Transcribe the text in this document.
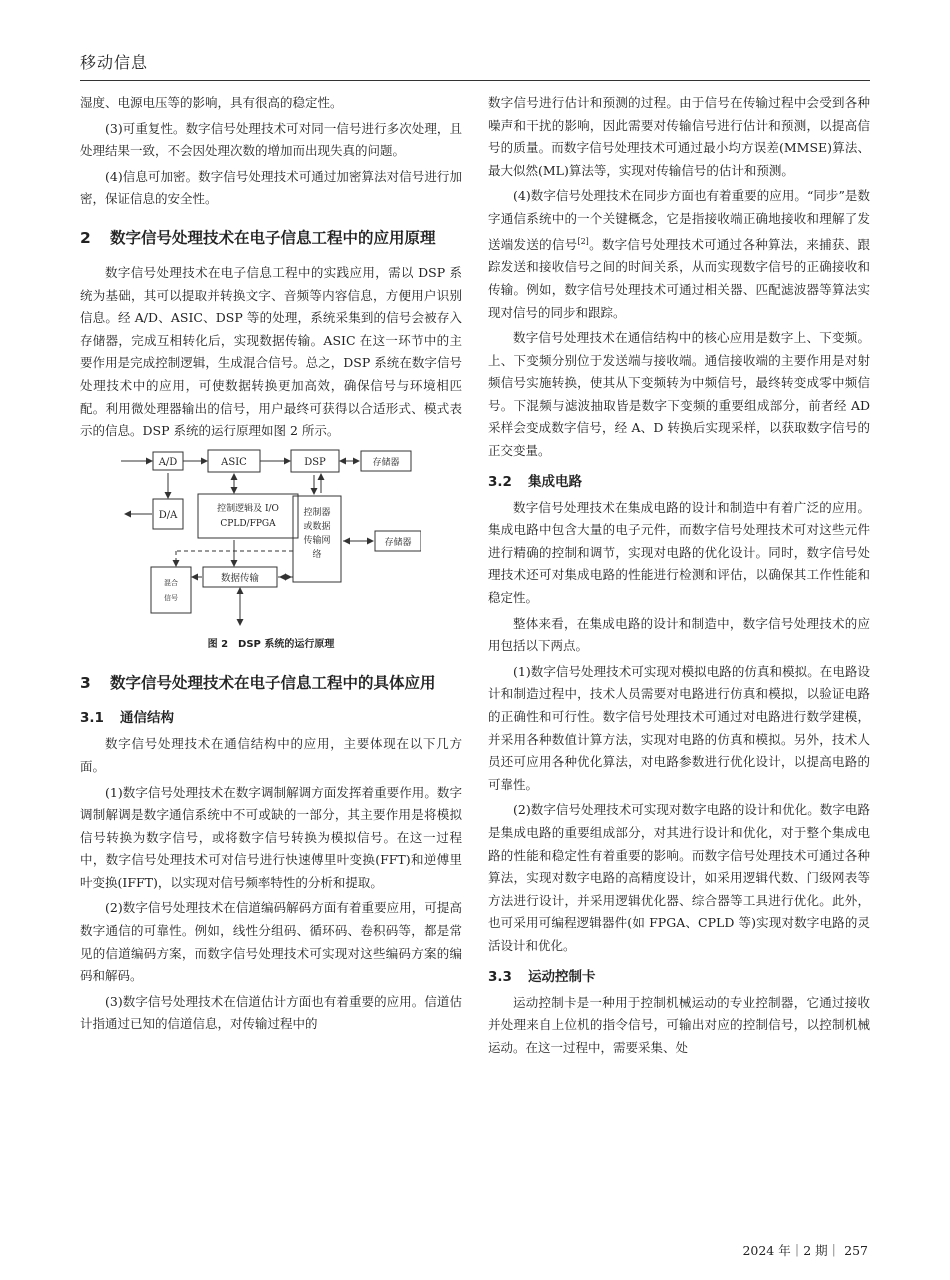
移动信息

湿度、电源电压等的影响，具有很高的稳定性。

(3)可重复性。数字信号处理技术可对同一信号进行多次处理，且处理结果一致，不会因处理次数的增加而出现失真的问题。

(4)信息可加密。数字信号处理技术可通过加密算法对信号进行加密，保证信息的安全性。

2 数字信号处理技术在电子信息工程中的应用原理

数字信号处理技术在电子信息工程中的实践应用，需以 DSP 系统为基础，其可以提取并转换文字、音频等内容信息，方便用户识别信息。经 A/D、ASIC、DSP 等的处理，系统采集到的信号会被存入存储器，完成互相转化后，实现数据传输。ASIC 在这一环节中的主要作用是完成控制逻辑，生成混合信号。总之，DSP 系统在数字信号处理技术中的应用，可使数据转换更加高效，确保信号与环境相匹配。利用微处理器输出的信号，用户最终可获得以合适形式、模式表示的信息。DSP 系统的运行原理如图 2 所示。

A/D	ASIC	DSP	存储器
D/A
控制逻辑及 I/O
CPLD/FPGA
控制器
或数据
传输网
络
存储器
混合
信号
数据传输
图 2　DSP 系统的运行原理
3 数字信号处理技术在电子信息工程中的具体应用
3.1 通信结构

数字信号处理技术在通信结构中的应用，主要体现在以下几方面。

(1)数字信号处理技术在数字调制解调方面发挥着重要作用。数字调制解调是数字通信系统中不可或缺的一部分，其主要作用是将模拟信号转换为数字信号，或将数字信号转换为模拟信号。在这一过程中，数字信号处理技术可对信号进行快速傅里叶变换(FFT)和逆傅里叶变换(IFFT)，以实现对信号频率特性的分析和提取。

(2)数字信号处理技术在信道编码解码方面有着重要应用，可提高数字通信的可靠性。例如，线性分组码、循环码、卷积码等，都是常见的信道编码方案，而数字信号处理技术可实现对这些编码方案的编码和解码。

(3)数字信号处理技术在信道估计方面也有着重要的应用。信道估计指通过已知的信道信息，对传输过程中的

数字信号进行估计和预测的过程。由于信号在传输过程中会受到各种噪声和干扰的影响，因此需要对传输信号进行估计和预测，以提高信号的质量。而数字信号处理技术可通过最小均方误差(MMSE)算法、最大似然(ML)算法等，实现对传输信号的估计和预测。

(4)数字信号处理技术在同步方面也有着重要的应用。“同步”是数字通信系统中的一个关键概念，它是指接收端正确地接收和理解了发送端发送的信号[2]。数字信号处理技术可通过各种算法，来捕获、跟踪发送和接收信号之间的时间关系，从而实现数字信号的正确接收和传输。例如，数字信号处理技术可通过相关器、匹配滤波器等算法实现对信号的同步和跟踪。

数字信号处理技术在通信结构中的核心应用是数字上、下变频。上、下变频分别位于发送端与接收端。通信接收端的主要作用是对射频信号实施转换，使其从下变频转为中频信号，最终转变成零中频信号。下混频与滤波抽取皆是数字下变频的重要组成部分，前者经 AD 采样会变成数字信号，经 A、D 转换后实现采样，以获取数字信号的正交变量。

3.2 集成电路

数字信号处理技术在集成电路的设计和制造中有着广泛的应用。集成电路中包含大量的电子元件，而数字信号处理技术可对这些元件进行精确的控制和调节，实现对电路的优化设计。同时，数字信号处理技术还可对集成电路的性能进行检测和评估，以确保其工作性能和稳定性。

整体来看，在集成电路的设计和制造中，数字信号处理技术的应用包括以下两点。

(1)数字信号处理技术可实现对模拟电路的仿真和模拟。在电路设计和制造过程中，技术人员需要对电路进行仿真和模拟，以验证电路的正确性和可行性。数字信号处理技术可通过对电路进行数学建模，并采用各种数值计算方法，实现对电路的仿真和模拟。另外，技术人员还可应用各种优化算法，对电路参数进行优化设计，以提高电路的可靠性。

(2)数字信号处理技术可实现对数字电路的设计和优化。数字电路是集成电路的重要组成部分，对其进行设计和优化，对于整个集成电路的性能和稳定性有着重要的影响。而数字信号处理技术可通过各种算法，实现对数字电路的高精度设计，如采用逻辑代数、门级网表等方法进行设计，并采用逻辑优化器、综合器等工具进行优化。此外，也可采用可编程逻辑器件(如 FPGA、CPLD 等)实现对数字电路的灵活设计和优化。

3.3 运动控制卡

运动控制卡是一种用于控制机械运动的专业控制器，它通过接收并处理来自上位机的指令信号，可输出对应的控制信号，以控制机械运动。在这一过程中，需要采集、处

2024 年｜2 期｜ 257
